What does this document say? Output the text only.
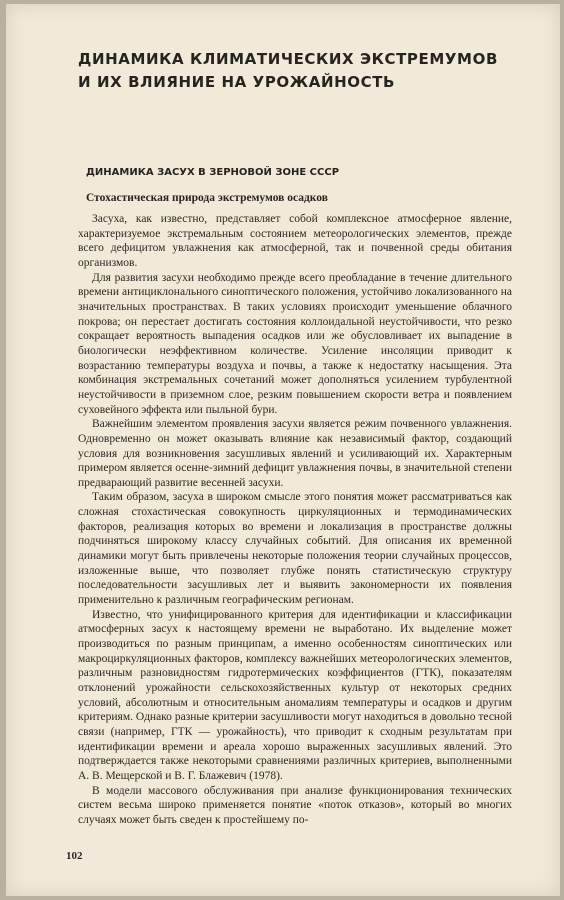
ДИНАМИКА КЛИМАТИЧЕСКИХ ЭКСТРЕМУМОВ
И ИХ ВЛИЯНИЕ НА УРОЖАЙНОСТЬ
ДИНАМИКА ЗАСУХ В ЗЕРНОВОЙ ЗОНЕ СССР
Стохастическая природа экстремумов осадков

Засуха, как известно, представляет собой комплексное атмосферное явление, характеризуемое экстремальным состоянием метеорологических элементов, прежде всего дефицитом увлажнения как атмосферной, так и почвенной среды обитания организмов.

Для развития засухи необходимо прежде всего преобладание в течение длительного времени антициклонального синоптического положения, устойчиво локализованного на значительных пространствах. В таких условиях происходит уменьшение облачного покрова; он перестает достигать состояния коллоидальной неустойчивости, что резко сокращает вероятность выпадения осадков или же обусловливает их выпадение в биологически неэффективном количестве. Усиление инсоляции приводит к возрастанию температуры воздуха и почвы, а также к недостатку насыщения. Эта комбинация экстремальных сочетаний может дополняться усилением турбулентной неустойчивости в приземном слое, резким повышением скорости ветра и появлением суховейного эффекта или пыльной бури.

Важнейшим элементом проявления засухи является режим почвенного увлажнения. Одновременно он может оказывать влияние как независимый фактор, создающий условия для возникновения засушливых явлений и усиливающий их. Характерным примером является осенне-зимний дефицит увлажнения почвы, в значительной степени предварающий развитие весенней засухи.

Таким образом, засуха в широком смысле этого понятия может рассматриваться как сложная стохастическая совокупность циркуляционных и термодинамических факторов, реализация которых во времени и локализация в пространстве должны подчиняться широкому классу случайных событий. Для описания их временной динамики могут быть привлечены некоторые положения теории случайных процессов, изложенные выше, что позволяет глубже понять статистическую структуру последовательности засушливых лет и выявить закономерности их появления применительно к различным географическим регионам.

Известно, что унифицированного критерия для идентификации и классификации атмосферных засух к настоящему времени не выработано. Их выделение может производиться по разным принципам, а именно особенностям синоптических или макроциркуляционных факторов, комплексу важнейших метеорологических элементов, различным разновидностям гидротермических коэффициентов (ГТК), показателям отклонений урожайности сельскохозяйственных культур от некоторых средних условий, абсолютным и относительным аномалиям температуры и осадков и другим критериям. Однако разные критерии засушливости могут находиться в довольно тесной связи (например, ГТК — урожайность), что приводит к сходным результатам при идентификации времени и ареала хорошо выраженных засушливых явлений. Это подтверждается также некоторыми сравнениями различных критериев, выполненными А. В. Мещерской и В. Г. Блажевич (1978).

В модели массового обслуживания при анализе функционирования технических систем весьма широко применяется понятие «поток отказов», который во многих случаях может быть сведен к простейшему по-

102
